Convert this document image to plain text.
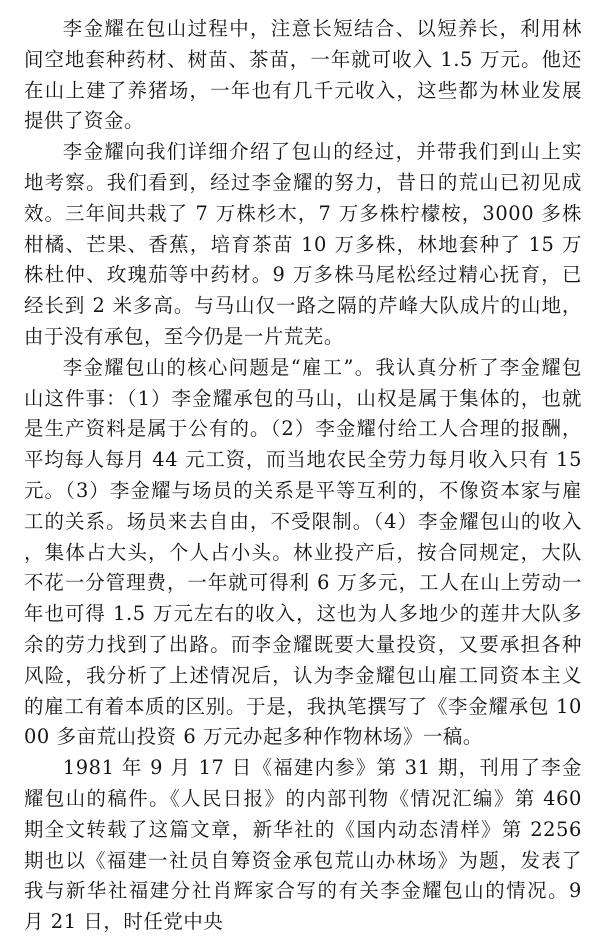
李金耀在包山过程中，注意长短结合、以短养长，利用林间空地套种药材、树苗、茶苗，一年就可收入 1.5 万元。他还在山上建了养猪场，一年也有几千元收入，这些都为林业发展提供了资金。

李金耀向我们详细介绍了包山的经过，并带我们到山上实地考察。我们看到，经过李金耀的努力，昔日的荒山已初见成效。三年间共栽了 7 万株杉木，7 万多株柠檬桉，3000 多株柑橘、芒果、香蕉，培育茶苗 10 万多株，林地套种了 15 万株杜仲、玫瑰茄等中药材。9 万多株马尾松经过精心抚育，已经长到 2 米多高。与马山仅一路之隔的芹峰大队成片的山地，由于没有承包，至今仍是一片荒芜。

李金耀包山的核心问题是“雇工”。我认真分析了李金耀包山这件事：（1）李金耀承包的马山，山权是属于集体的，也就是生产资料是属于公有的。（2）李金耀付给工人合理的报酬，平均每人每月 44 元工资，而当地农民全劳力每月收入只有 15 元。（3）李金耀与场员的关系是平等互利的，不像资本家与雇工的关系。场员来去自由，不受限制。（4）李金耀包山的收入，集体占大头，个人占小头。林业投产后，按合同规定，大队不花一分管理费，一年就可得利 6 万多元，工人在山上劳动一年也可得 1.5 万元左右的收入，这也为人多地少的莲井大队多余的劳力找到了出路。而李金耀既要大量投资，又要承担各种风险，我分析了上述情况后，认为李金耀包山雇工同资本主义的雇工有着本质的区别。于是，我执笔撰写了《李金耀承包 1000 多亩荒山投资 6 万元办起多种作物林场》一稿。

1981 年 9 月 17 日《福建内参》第 31 期，刊用了李金耀包山的稿件。《人民日报》的内部刊物《情况汇编》第 460 期全文转载了这篇文章，新华社的《国内动态清样》第 2256 期也以《福建一社员自筹资金承包荒山办林场》为题，发表了我与新华社福建分社肖辉家合写的有关李金耀包山的情况。9 月 21 日，时任党中央
